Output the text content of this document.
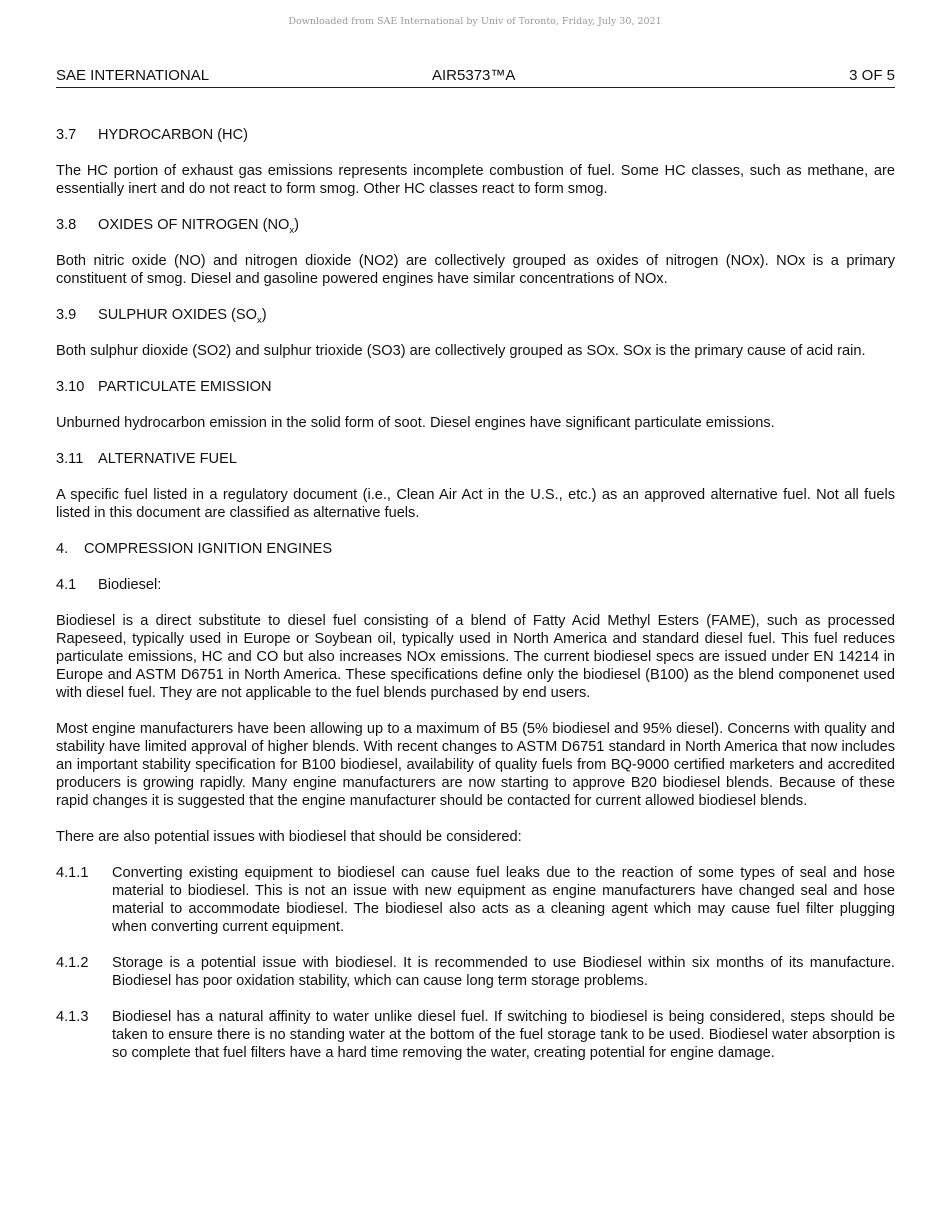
Downloaded from SAE International by Univ of Toronto, Friday, July 30, 2021
SAE INTERNATIONAL	AIR5373™A	3 OF 5
3.7 HYDROCARBON (HC)

The HC portion of exhaust gas emissions represents incomplete combustion of fuel. Some HC classes, such as methane, are essentially inert and do not react to form smog. Other HC classes react to form smog.

3.8 OXIDES OF NITROGEN $(NO_x)$

Both nitric oxide (NO) and nitrogen dioxide (NO2) are collectively grouped as oxides of nitrogen (NOx). NOx is a primary constituent of smog. Diesel and gasoline powered engines have similar concentrations of NOx.

3.9 SULPHUR OXIDES $(SO_x)$

Both sulphur dioxide (SO2) and sulphur trioxide (SO3) are collectively grouped as SOx. SOx is the primary cause of acid rain.

3.10 PARTICULATE EMISSION

Unburned hydrocarbon emission in the solid form of soot. Diesel engines have significant particulate emissions.

3.11 ALTERNATIVE FUEL

A specific fuel listed in a regulatory document (i.e., Clean Air Act in the U.S., etc.) as an approved alternative fuel. Not all fuels listed in this document are classified as alternative fuels.

4. COMPRESSION IGNITION ENGINES
4.1 Biodiesel:

Biodiesel is a direct substitute to diesel fuel consisting of a blend of Fatty Acid Methyl Esters (FAME), such as processed Rapeseed, typically used in Europe or Soybean oil, typically used in North America and standard diesel fuel. This fuel reduces particulate emissions, HC and CO but also increases NOx emissions. The current biodiesel specs are issued under EN 14214 in Europe and ASTM D6751 in North America. These specifications define only the biodiesel (B100) as the blend componenet used with diesel fuel. They are not applicable to the fuel blends purchased by end users.

Most engine manufacturers have been allowing up to a maximum of B5 (5% biodiesel and 95% diesel). Concerns with quality and stability have limited approval of higher blends. With recent changes to ASTM D6751 standard in North America that now includes an important stability specification for B100 biodiesel, availability of quality fuels from BQ-9000 certified marketers and accredited producers is growing rapidly. Many engine manufacturers are now starting to approve B20 biodiesel blends. Because of these rapid changes it is suggested that the engine manufacturer should be contacted for current allowed biodiesel blends.

There are also potential issues with biodiesel that should be considered:

4.1.1	Converting existing equipment to biodiesel can cause fuel leaks due to the reaction of some types of seal and hose material to biodiesel. This is not an issue with new equipment as engine manufacturers have changed seal and hose material to accommodate biodiesel. The biodiesel also acts as a cleaning agent which may cause fuel filter plugging when converting current equipment.
4.1.2	Storage is a potential issue with biodiesel. It is recommended to use Biodiesel within six months of its manufacture. Biodiesel has poor oxidation stability, which can cause long term storage problems.
4.1.3	Biodiesel has a natural affinity to water unlike diesel fuel. If switching to biodiesel is being considered, steps should be taken to ensure there is no standing water at the bottom of the fuel storage tank to be used. Biodiesel water absorption is so complete that fuel filters have a hard time removing the water, creating potential for engine damage.
